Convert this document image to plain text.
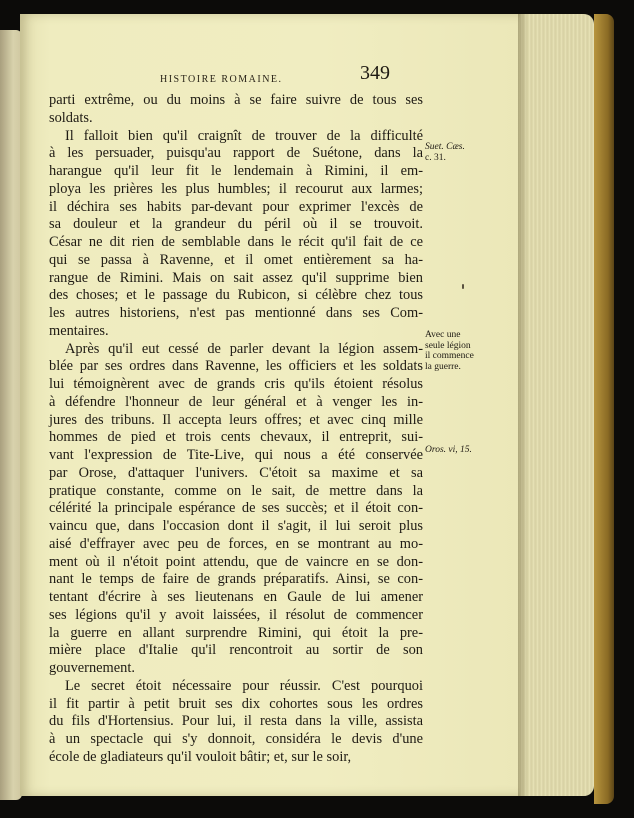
HISTOIRE ROMAINE.	349
parti extrême, ou du moins à se faire suivre de tous ses
soldats.
Il falloit bien qu'il craignît de trouver de la difficulté
à les persuader, puisqu'au rapport de Suétone, dans la
harangue qu'il leur fit le lendemain à Rimini, il em-
ploya les prières les plus humbles; il recourut aux larmes;
il déchira ses habits par-devant pour exprimer l'excès de
sa douleur et la grandeur du péril où il se trouvoit.
César ne dit rien de semblable dans le récit qu'il fait de ce
qui se passa à Ravenne, et il omet entièrement sa ha-
rangue de Rimini. Mais on sait assez qu'il supprime bien
des choses; et le passage du Rubicon, si célèbre chez tous
les autres historiens, n'est pas mentionné dans ses Com-
mentaires.
Après qu'il eut cessé de parler devant la légion assem-
blée par ses ordres dans Ravenne, les officiers et les soldats
lui témoignèrent avec de grands cris qu'ils étoient résolus
à défendre l'honneur de leur général et à venger les in-
jures des tribuns. Il accepta leurs offres; et avec cinq mille
hommes de pied et trois cents chevaux, il entreprit, sui-
vant l'expression de Tite-Live, qui nous a été conservée
par Orose, d'attaquer l'univers. C'étoit sa maxime et sa
pratique constante, comme on le sait, de mettre dans la
célérité la principale espérance de ses succès; et il étoit con-
vaincu que, dans l'occasion dont il s'agit, il lui seroit plus
aisé d'effrayer avec peu de forces, en se montrant au mo-
ment où il n'étoit point attendu, que de vaincre en se don-
nant le temps de faire de grands préparatifs. Ainsi, se con-
tentant d'écrire à ses lieutenans en Gaule de lui amener
ses légions qu'il y avoit laissées, il résolut de commencer
la guerre en allant surprendre Rimini, qui étoit la pre-
mière place d'Italie qu'il rencontroit au sortir de son
gouvernement.
Le secret étoit nécessaire pour réussir. C'est pourquoi
il fit partir à petit bruit ses dix cohortes sous les ordres
du fils d'Hortensius. Pour lui, il resta dans la ville, assista
à un spectacle qui s'y donnoit, considéra le devis d'une
école de gladiateurs qu'il vouloit bâtir; et, sur le soir,
Suet. Cæs.
c. 31.
Avec une
seule légion
il commence
la guerre.
Oros. vi, 15.
